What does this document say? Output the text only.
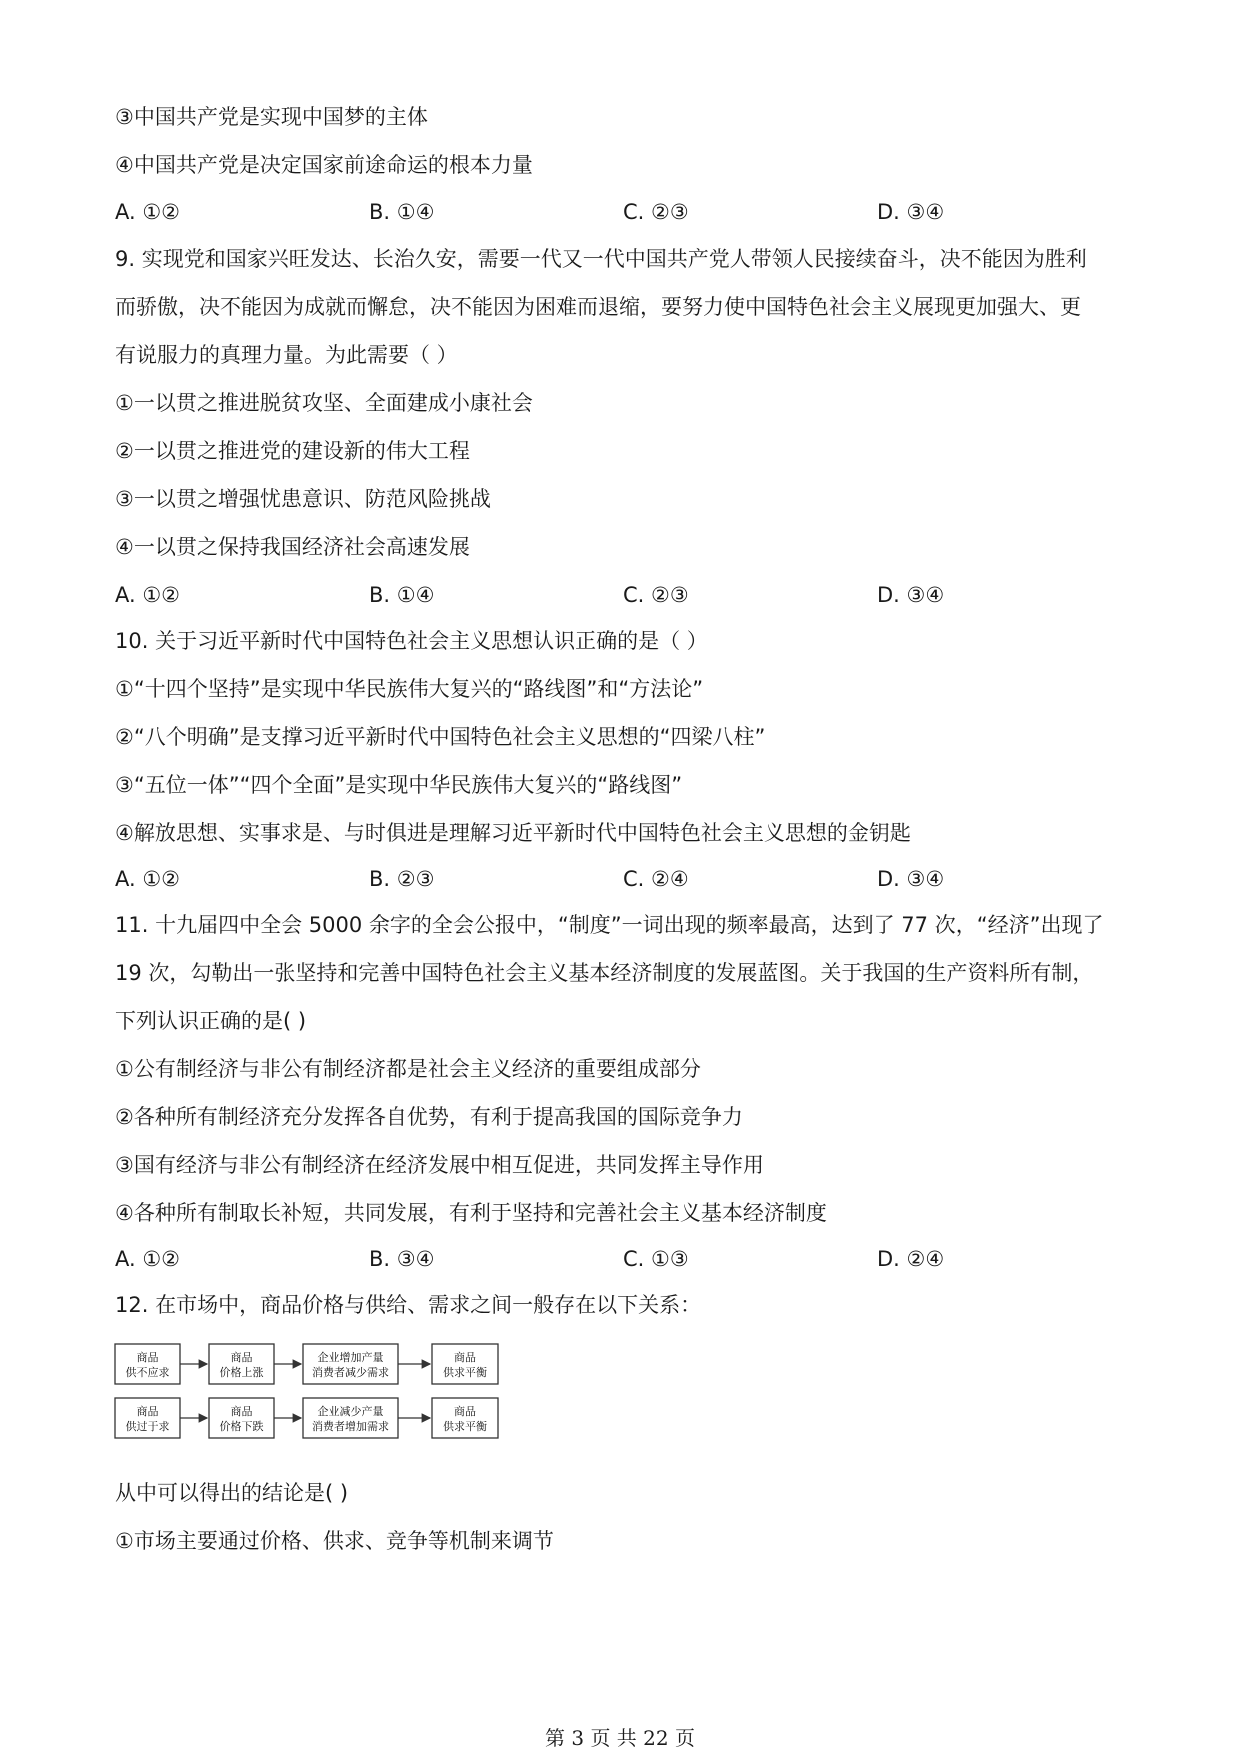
③中国共产党是实现中国梦的主体
④中国共产党是决定国家前途命运的根本力量
A. ①②	B. ①④	C. ②③	D. ③④
9. 实现党和国家兴旺发达、长治久安，需要一代又一代中国共产党人带领人民接续奋斗，决不能因为胜利
而骄傲，决不能因为成就而懈怠，决不能因为困难而退缩，要努力使中国特色社会主义展现更加强大、更
有说服力的真理力量。为此需要（ ）
①一以贯之推进脱贫攻坚、全面建成小康社会
②一以贯之推进党的建设新的伟大工程
③一以贯之增强忧患意识、防范风险挑战
④一以贯之保持我国经济社会高速发展
A. ①②	B. ①④	C. ②③	D. ③④
10. 关于习近平新时代中国特色社会主义思想认识正确的是（ ）
①“十四个坚持”是实现中华民族伟大复兴的“路线图”和“方法论”
②“八个明确”是支撑习近平新时代中国特色社会主义思想的“四梁八柱”
③“五位一体”“四个全面”是实现中华民族伟大复兴的“路线图”
④解放思想、实事求是、与时俱进是理解习近平新时代中国特色社会主义思想的金钥匙
A. ①②	B. ②③	C. ②④	D. ③④
11. 十九届四中全会 5000 余字的全会公报中，“制度”一词出现的频率最高，达到了 77 次，“经济”出现了
19 次，勾勒出一张坚持和完善中国特色社会主义基本经济制度的发展蓝图。关于我国的生产资料所有制，
下列认识正确的是( )
①公有制经济与非公有制经济都是社会主义经济的重要组成部分
②各种所有制经济充分发挥各自优势，有利于提高我国的国际竞争力
③国有经济与非公有制经济在经济发展中相互促进，共同发挥主导作用
④各种所有制取长补短，共同发展，有利于坚持和完善社会主义基本经济制度
A. ①②	B. ③④	C. ①③	D. ②④
12. 在市场中，商品价格与供给、需求之间一般存在以下关系：
商品
供不应求
商品
价格上涨
企业增加产量
消费者减少需求
商品
供求平衡
商品
供过于求
商品
价格下跌
企业减少产量
消费者增加需求
商品
供求平衡
从中可以得出的结论是( )
①市场主要通过价格、供求、竞争等机制来调节
第 3 页 共 22 页
